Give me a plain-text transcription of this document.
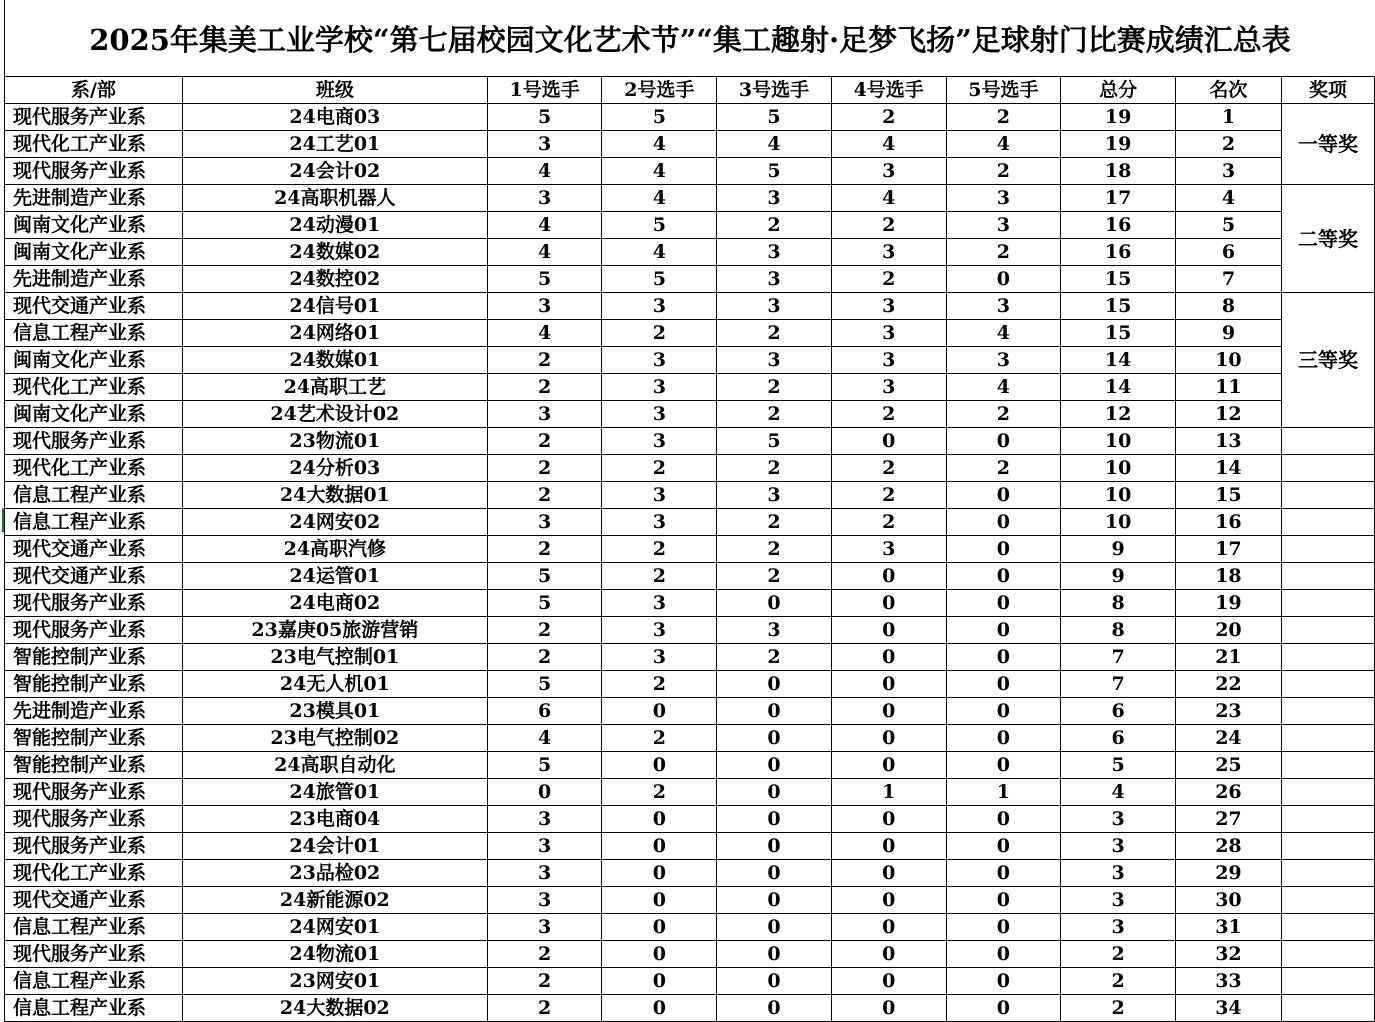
2025年集美工业学校“第七届校园文化艺术节”“集工趣射·足梦飞扬”足球射门比赛成绩汇总表
系/部	班级	1号选手	2号选手	3号选手	4号选手	5号选手	总分	名次	奖项
现代服务产业系	24电商03	5	5	5	2	2	19	1	一等奖
现代化工产业系	24工艺01	3	4	4	4	4	19	2	
现代服务产业系	24会计02	4	4	5	3	2	18	3	
先进制造产业系	24高职机器人	3	4	3	4	3	17	4	二等奖
闽南文化产业系	24动漫01	4	5	2	2	3	16	5	
闽南文化产业系	24数媒02	4	4	3	3	2	16	6	
先进制造产业系	24数控02	5	5	3	2	0	15	7	
现代交通产业系	24信号01	3	3	3	3	3	15	8	三等奖
信息工程产业系	24网络01	4	2	2	3	4	15	9	
闽南文化产业系	24数媒01	2	3	3	3	3	14	10	
现代化工产业系	24高职工艺	2	3	2	3	4	14	11	
闽南文化产业系	24艺术设计02	3	3	2	2	2	12	12	
现代服务产业系	23物流01	2	3	5	0	0	10	13	
现代化工产业系	24分析03	2	2	2	2	2	10	14	
信息工程产业系	24大数据01	2	3	3	2	0	10	15	
信息工程产业系	24网安02	3	3	2	2	0	10	16	
现代交通产业系	24高职汽修	2	2	2	3	0	9	17	
现代交通产业系	24运管01	5	2	2	0	0	9	18	
现代服务产业系	24电商02	5	3	0	0	0	8	19	
现代服务产业系	23嘉庚05旅游营销	2	3	3	0	0	8	20	
智能控制产业系	23电气控制01	2	3	2	0	0	7	21	
智能控制产业系	24无人机01	5	2	0	0	0	7	22	
先进制造产业系	23模具01	6	0	0	0	0	6	23	
智能控制产业系	23电气控制02	4	2	0	0	0	6	24	
智能控制产业系	24高职自动化	5	0	0	0	0	5	25	
现代服务产业系	24旅管01	0	2	0	1	1	4	26	
现代服务产业系	23电商04	3	0	0	0	0	3	27	
现代服务产业系	24会计01	3	0	0	0	0	3	28	
现代化工产业系	23品检02	3	0	0	0	0	3	29	
现代交通产业系	24新能源02	3	0	0	0	0	3	30	
信息工程产业系	24网安01	3	0	0	0	0	3	31	
现代服务产业系	24物流01	2	0	0	0	0	2	32	
信息工程产业系	23网安01	2	0	0	0	0	2	33	
信息工程产业系	24大数据02	2	0	0	0	0	2	34	
